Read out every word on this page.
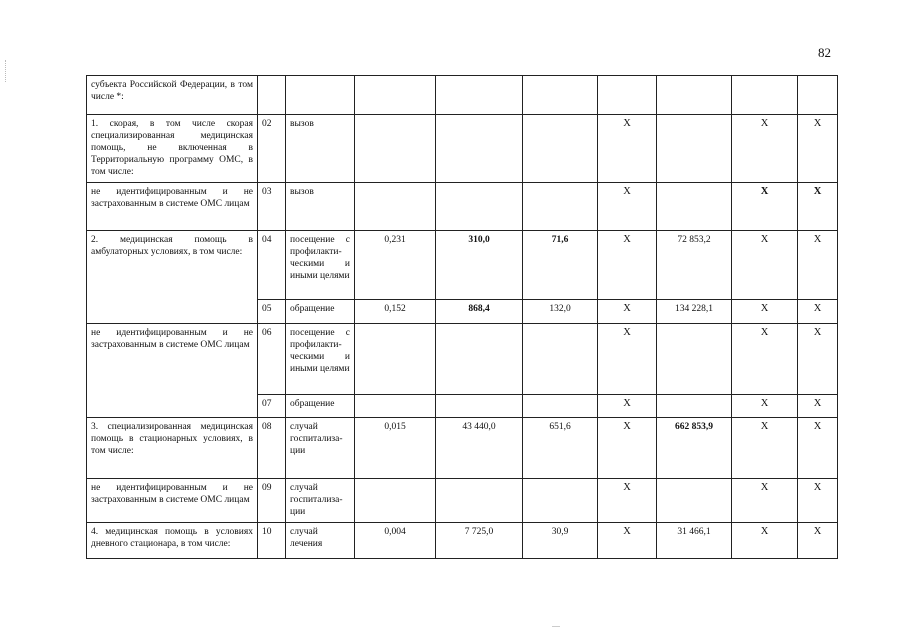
82
субъекта Российской Федерации, в том числе *:									
1. скорая, в том числе скорая специализированная медицинская помощь, не включенная в Территориальную программу ОМС, в том числе:	02	вызов				X		X	X
не идентифицированным и не застрахованным в системе ОМС лицам	03	вызов				X		X	X
2. медицинская помощь в амбулаторных условиях, в том числе:	04	посещение с профилакти-ческими и иными целями	0,231	310,0	71,6	X	72 853,2	X	X
	05	обращение	0,152	868,4	132,0	X	134 228,1	X	X
не идентифицированным и не застрахованным в системе ОМС лицам	06	посещение с профилакти-ческими и иными целями				X		X	X
	07	обращение				X		X	X
3. специализированная медицинская помощь в стационарных условиях, в том числе:	08	случай госпитализа-ции	0,015	43 440,0	651,6	X	662 853,9	X	X
не идентифицированным и не застрахованным в системе ОМС лицам	09	случай госпитализа-ции				X		X	X
4. медицинская помощь в условиях дневного стационара, в том числе:	10	случай лечения	0,004	7 725,0	30,9	X	31 466,1	X	X
